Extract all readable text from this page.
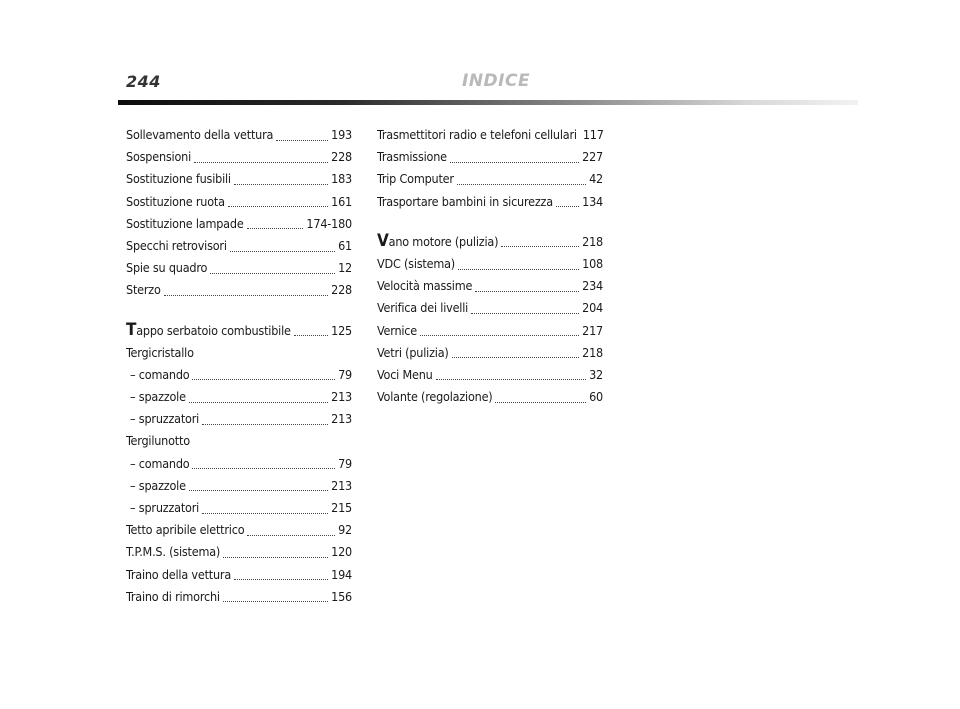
244	INDICE
Sollevamento della vettura	193
Sospensioni	228
Sostituzione fusibili	183
Sostituzione ruota	161
Sostituzione lampade	174-180
Specchi retrovisori	61
Spie su quadro	12
Sterzo	228
Tappo serbatoio combustibile	125
Tergicristallo
– comando	79
– spazzole	213
– spruzzatori	213
Tergilunotto
– comando	79
– spazzole	213
– spruzzatori	215
Tetto apribile elettrico	92
T.P.M.S. (sistema)	120
Traino della vettura	194
Traino di rimorchi	156
Trasmettitori radio e telefoni cellulari 117
Trasmissione	227
Trip Computer	42
Trasportare bambini in sicurezza 134
Vano motore (pulizia)	218
VDC (sistema)	108
Velocità massime	234
Verifica dei livelli	204
Vernice	217
Vetri (pulizia)	218
Voci Menu	32
Volante (regolazione)	60
